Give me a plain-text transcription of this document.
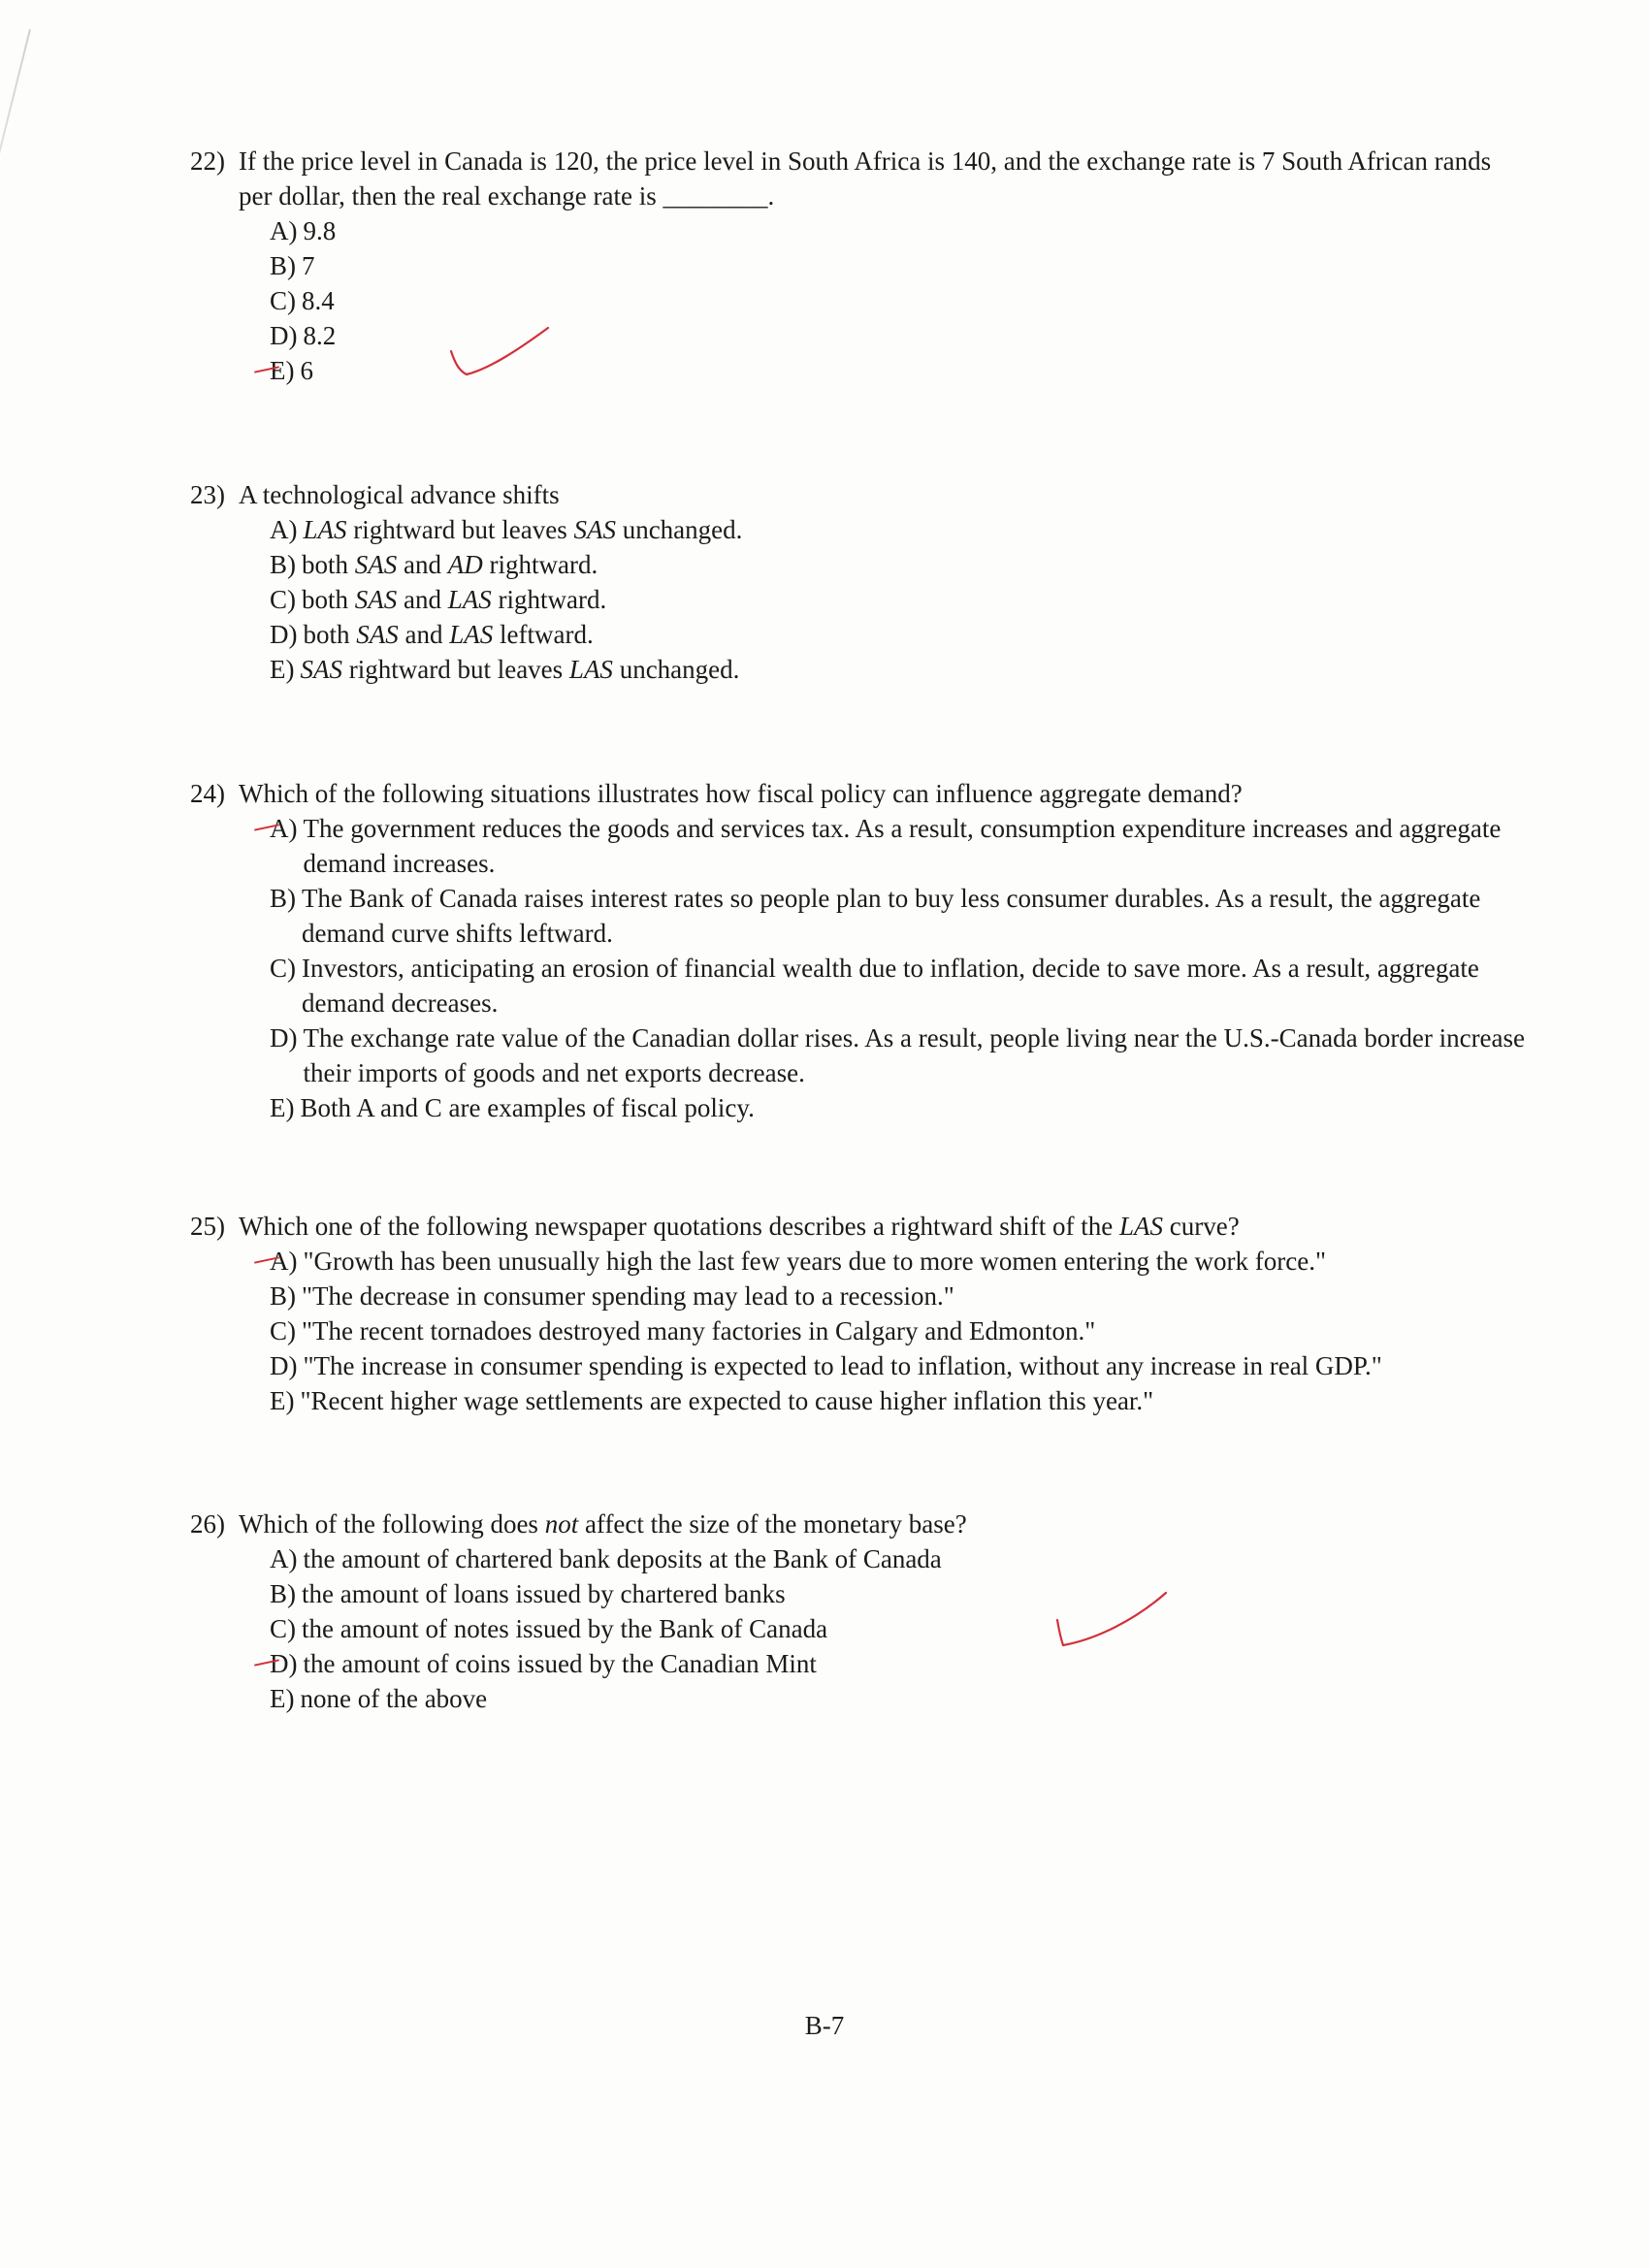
22) If the price level in Canada is 120, the price level in South Africa is 140, and the exchange rate is 7 South African rands per dollar, then the real exchange rate is ________.
A) 9.8
B) 7
C) 8.4
D) 8.2
E) 6
23) A technological advance shifts
A) LAS rightward but leaves SAS unchanged.
B) both SAS and AD rightward.
C) both SAS and LAS rightward.
D) both SAS and LAS leftward.
E) SAS rightward but leaves LAS unchanged.
24) Which of the following situations illustrates how fiscal policy can influence aggregate demand?
A) The government reduces the goods and services tax. As a result, consumption expenditure increases and aggregate demand increases.
B) The Bank of Canada raises interest rates so people plan to buy less consumer durables. As a result, the aggregate demand curve shifts leftward.
C) Investors, anticipating an erosion of financial wealth due to inflation, decide to save more. As a result, aggregate demand decreases.
D) The exchange rate value of the Canadian dollar rises. As a result, people living near the U.S.-Canada border increase their imports of goods and net exports decrease.
E) Both A and C are examples of fiscal policy.
25) Which one of the following newspaper quotations describes a rightward shift of the LAS curve?
A) "Growth has been unusually high the last few years due to more women entering the work force."
B) "The decrease in consumer spending may lead to a recession."
C) "The recent tornadoes destroyed many factories in Calgary and Edmonton."
D) "The increase in consumer spending is expected to lead to inflation, without any increase in real GDP."
E) "Recent higher wage settlements are expected to cause higher inflation this year."
26) Which of the following does not affect the size of the monetary base?
A) the amount of chartered bank deposits at the Bank of Canada
B) the amount of loans issued by chartered banks
C) the amount of notes issued by the Bank of Canada
D) the amount of coins issued by the Canadian Mint
E) none of the above
B-7
